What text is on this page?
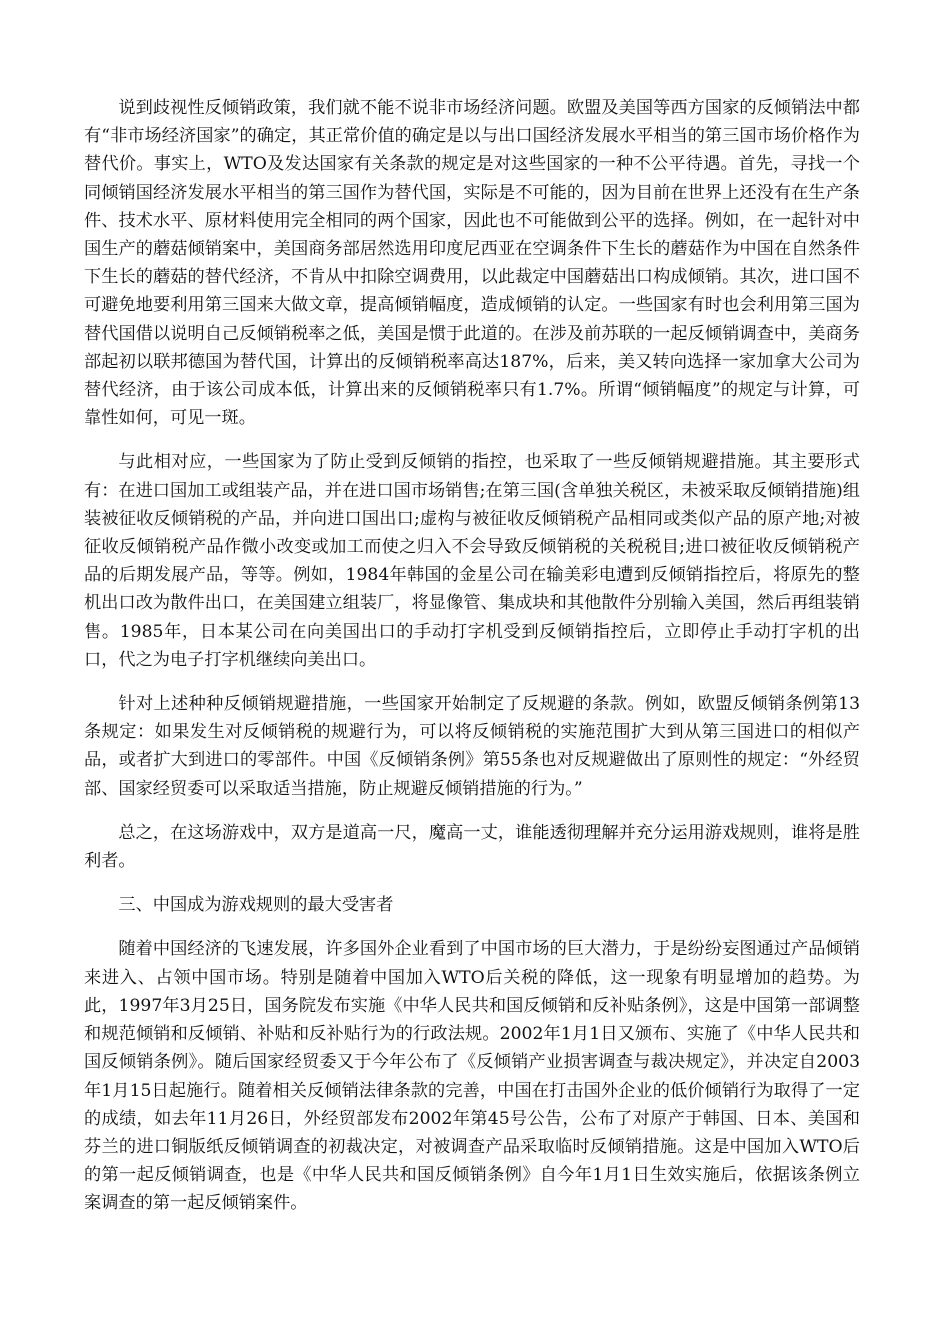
说到歧视性反倾销政策，我们就不能不说非市场经济问题。欧盟及美国等西方国家的反倾销法中都有“非市场经济国家”的确定，其正常价值的确定是以与出口国经济发展水平相当的第三国市场价格作为替代价。事实上，WTO及发达国家有关条款的规定是对这些国家的一种不公平待遇。首先，寻找一个同倾销国经济发展水平相当的第三国作为替代国，实际是不可能的，因为目前在世界上还没有在生产条件、技术水平、原材料使用完全相同的两个国家，因此也不可能做到公平的选择。例如，在一起针对中国生产的蘑菇倾销案中，美国商务部居然选用印度尼西亚在空调条件下生长的蘑菇作为中国在自然条件下生长的蘑菇的替代经济，不肯从中扣除空调费用，以此裁定中国蘑菇出口构成倾销。其次，进口国不可避免地要利用第三国来大做文章，提高倾销幅度，造成倾销的认定。一些国家有时也会利用第三国为替代国借以说明自己反倾销税率之低，美国是惯于此道的。在涉及前苏联的一起反倾销调查中，美商务部起初以联邦德国为替代国，计算出的反倾销税率高达187%，后来，美又转向选择一家加拿大公司为替代经济，由于该公司成本低，计算出来的反倾销税率只有1.7%。所谓“倾销幅度”的规定与计算，可靠性如何，可见一斑。

与此相对应，一些国家为了防止受到反倾销的指控，也采取了一些反倾销规避措施。其主要形式有：在进口国加工或组装产品，并在进口国市场销售;在第三国(含单独关税区，未被采取反倾销措施)组装被征收反倾销税的产品，并向进口国出口;虚构与被征收反倾销税产品相同或类似产品的原产地;对被征收反倾销税产品作微小改变或加工而使之归入不会导致反倾销税的关税税目;进口被征收反倾销税产品的后期发展产品，等等。例如，1984年韩国的金星公司在输美彩电遭到反倾销指控后，将原先的整机出口改为散件出口，在美国建立组装厂，将显像管、集成块和其他散件分别输入美国，然后再组装销售。1985年，日本某公司在向美国出口的手动打字机受到反倾销指控后，立即停止手动打字机的出口，代之为电子打字机继续向美出口。

针对上述种种反倾销规避措施，一些国家开始制定了反规避的条款。例如，欧盟反倾销条例第13条规定：如果发生对反倾销税的规避行为，可以将反倾销税的实施范围扩大到从第三国进口的相似产品，或者扩大到进口的零部件。中国《反倾销条例》第55条也对反规避做出了原则性的规定：“外经贸部、国家经贸委可以采取适当措施，防止规避反倾销措施的行为。”

总之，在这场游戏中，双方是道高一尺，魔高一丈，谁能透彻理解并充分运用游戏规则，谁将是胜利者。

三、中国成为游戏规则的最大受害者

随着中国经济的飞速发展，许多国外企业看到了中国市场的巨大潜力，于是纷纷妄图通过产品倾销来进入、占领中国市场。特别是随着中国加入WTO后关税的降低，这一现象有明显增加的趋势。为此，1997年3月25日，国务院发布实施《中华人民共和国反倾销和反补贴条例》，这是中国第一部调整和规范倾销和反倾销、补贴和反补贴行为的行政法规。2002年1月1日又颁布、实施了《中华人民共和国反倾销条例》。随后国家经贸委又于今年公布了《反倾销产业损害调查与裁决规定》，并决定自2003年1月15日起施行。随着相关反倾销法律条款的完善，中国在打击国外企业的低价倾销行为取得了一定的成绩，如去年11月26日，外经贸部发布2002年第45号公告，公布了对原产于韩国、日本、美国和芬兰的进口铜版纸反倾销调查的初裁决定，对被调查产品采取临时反倾销措施。这是中国加入WTO后的第一起反倾销调查，也是《中华人民共和国反倾销条例》自今年1月1日生效实施后，依据该条例立案调查的第一起反倾销案件。
